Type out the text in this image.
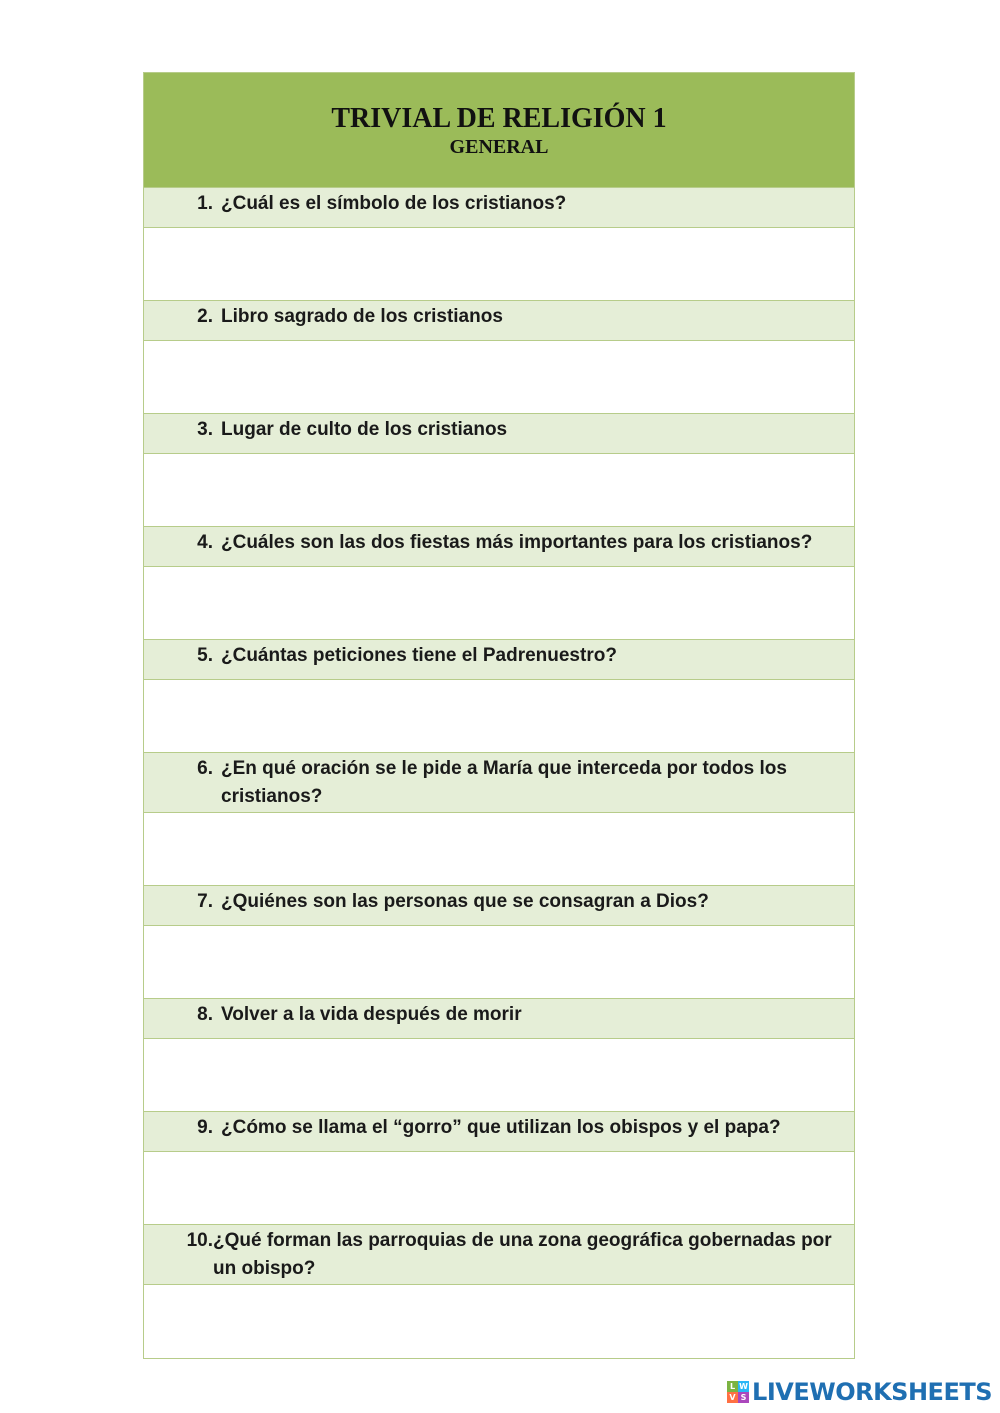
TRIVIAL DE RELIGIÓN 1
GENERAL
1. ¿Cuál es el símbolo de los cristianos?
2. Libro sagrado de los cristianos
3. Lugar de culto de los cristianos
4. ¿Cuáles son las dos fiestas más importantes para los cristianos?
5. ¿Cuántas peticiones tiene el Padrenuestro?
6. ¿En qué oración se le pide a María que interceda por todos los cristianos?
7. ¿Quiénes son las personas que se consagran a Dios?
8. Volver a la vida después de morir
9. ¿Cómo se llama el “gorro” que utilizan los obispos y el papa?
10. ¿Qué forman las parroquias de una zona geográfica gobernadas por un obispo?
L W
V S LIVEWORKSHEETS
